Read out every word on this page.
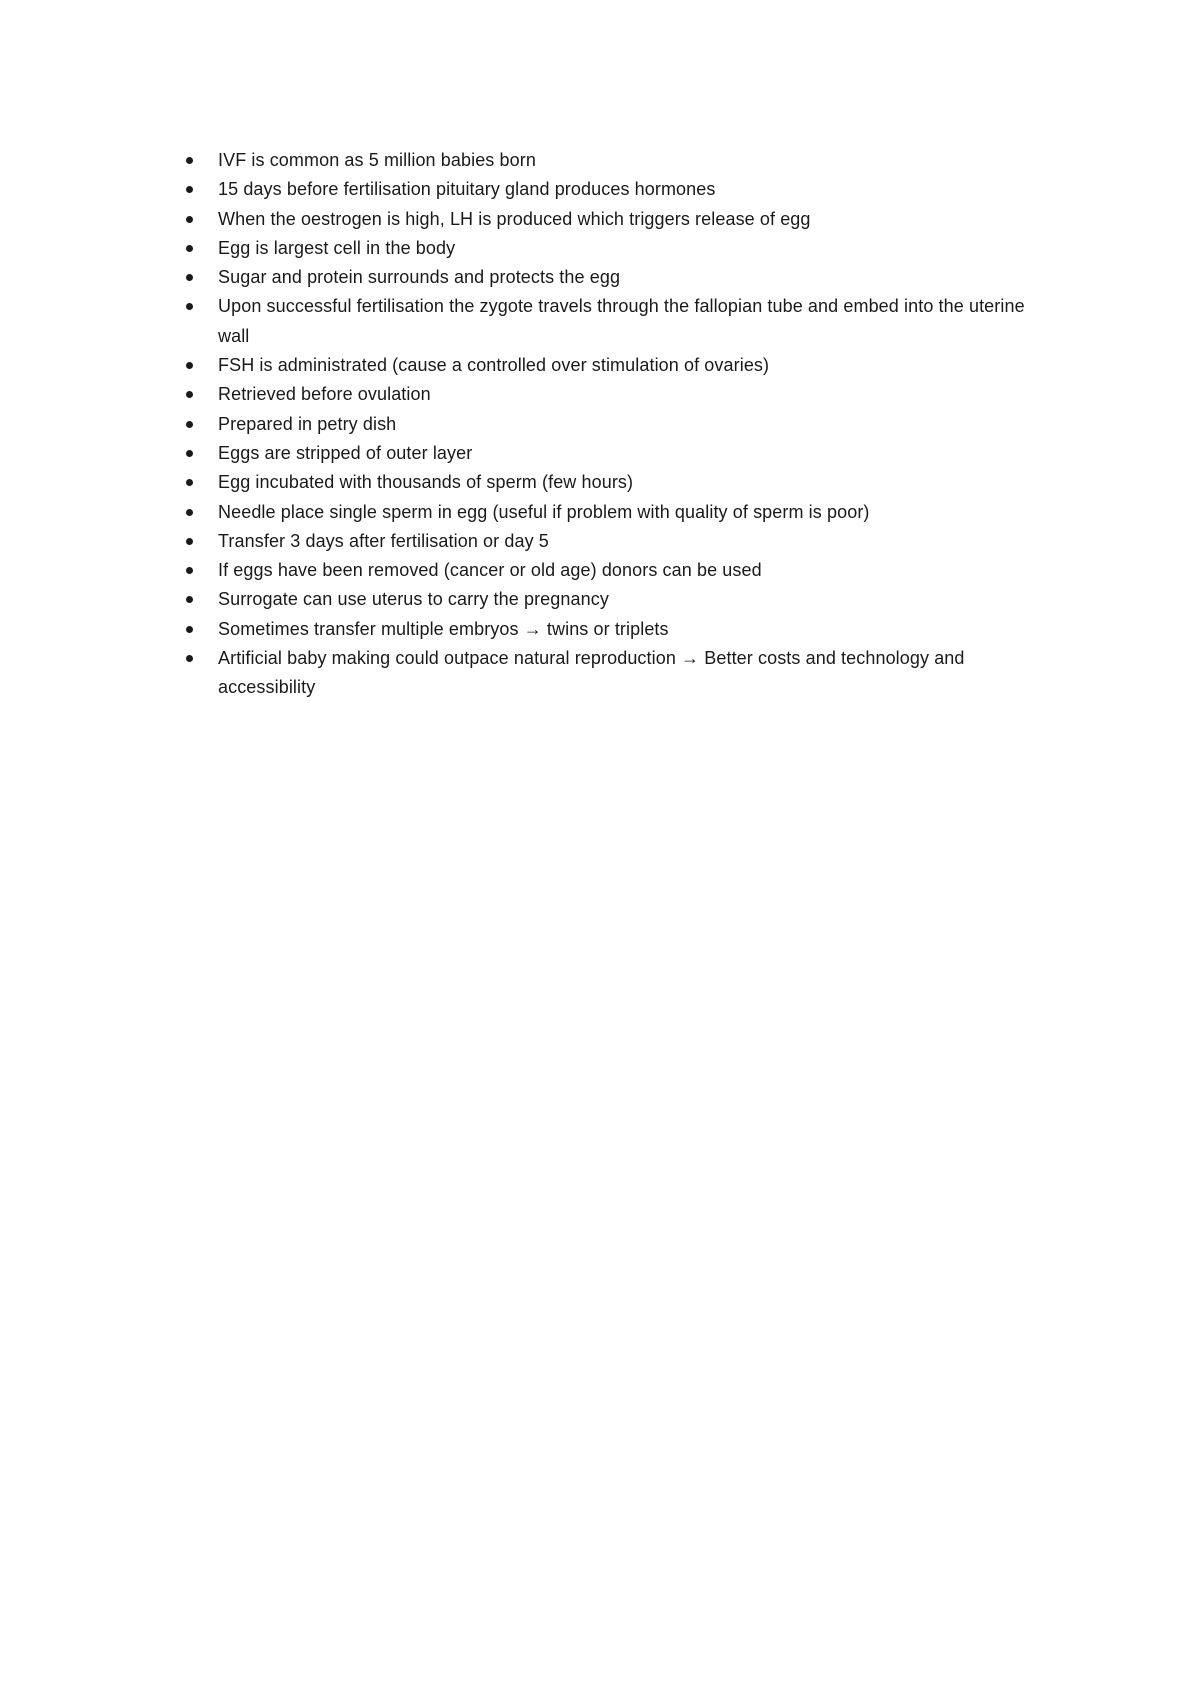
IVF is common as 5 million babies born
15 days before fertilisation pituitary gland produces hormones
When the oestrogen is high, LH is produced which triggers release of egg
Egg is largest cell in the body
Sugar and protein surrounds and protects the egg
Upon successful fertilisation the zygote travels through the fallopian tube and embed into the uterine wall
FSH is administrated (cause a controlled over stimulation of ovaries)
Retrieved before ovulation
Prepared in petry dish
Eggs are stripped of outer layer
Egg incubated with thousands of sperm (few hours)
Needle place single sperm in egg (useful if problem with quality of sperm is poor)
Transfer 3 days after fertilisation or day 5
If eggs have been removed (cancer or old age) donors can be used
Surrogate can use uterus to carry the pregnancy
Sometimes transfer multiple embryos → twins or triplets
Artificial baby making could outpace natural reproduction → Better costs and technology and accessibility
